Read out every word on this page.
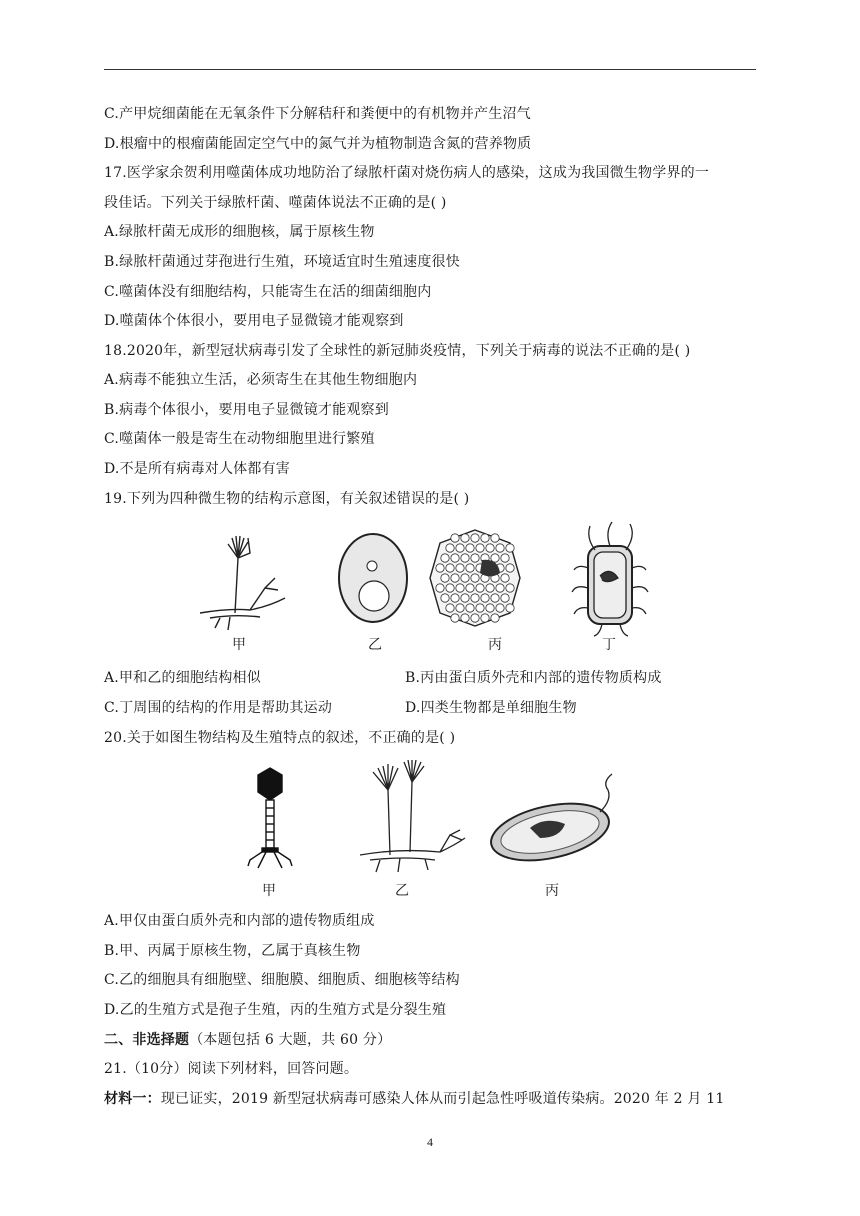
C.产甲烷细菌能在无氧条件下分解秸秆和粪便中的有机物并产生沼气
D.根瘤中的根瘤菌能固定空气中的氮气并为植物制造含氮的营养物质
17.医学家余贺利用噬菌体成功地防治了绿脓杆菌对烧伤病人的感染，这成为我国微生物学界的一
段佳话。下列关于绿脓杆菌、噬菌体说法不正确的是( )
A.绿脓杆菌无成形的细胞核，属于原核生物
B.绿脓杆菌通过芽孢进行生殖，环境适宜时生殖速度很快
C.噬菌体没有细胞结构，只能寄生在活的细菌细胞内
D.噬菌体个体很小，要用电子显微镜才能观察到
18.2020年，新型冠状病毒引发了全球性的新冠肺炎疫情，下列关于病毒的说法不正确的是( )
A.病毒不能独立生活，必须寄生在其他生物细胞内
B.病毒个体很小，要用电子显微镜才能观察到
C.噬菌体一般是寄生在动物细胞里进行繁殖
D.不是所有病毒对人体都有害
19.下列为四种微生物的结构示意图，有关叙述错误的是( )
甲	乙	丙	丁
A.甲和乙的细胞结构相似	B.丙由蛋白质外壳和内部的遗传物质构成
C.丁周围的结构的作用是帮助其运动	D.四类生物都是单细胞生物
20.关于如图生物结构及生殖特点的叙述，不正确的是( )
甲	乙	丙
A.甲仅由蛋白质外壳和内部的遗传物质组成
B.甲、丙属于原核生物，乙属于真核生物
C.乙的细胞具有细胞壁、细胞膜、细胞质、细胞核等结构
D.乙的生殖方式是孢子生殖，丙的生殖方式是分裂生殖
二、非选择题（本题包括 6 大题，共 60 分）
21.（10分）阅读下列材料，回答问题。
材料一：现已证实，2019 新型冠状病毒可感染人体从而引起急性呼吸道传染病。2020 年 2 月 11
4
